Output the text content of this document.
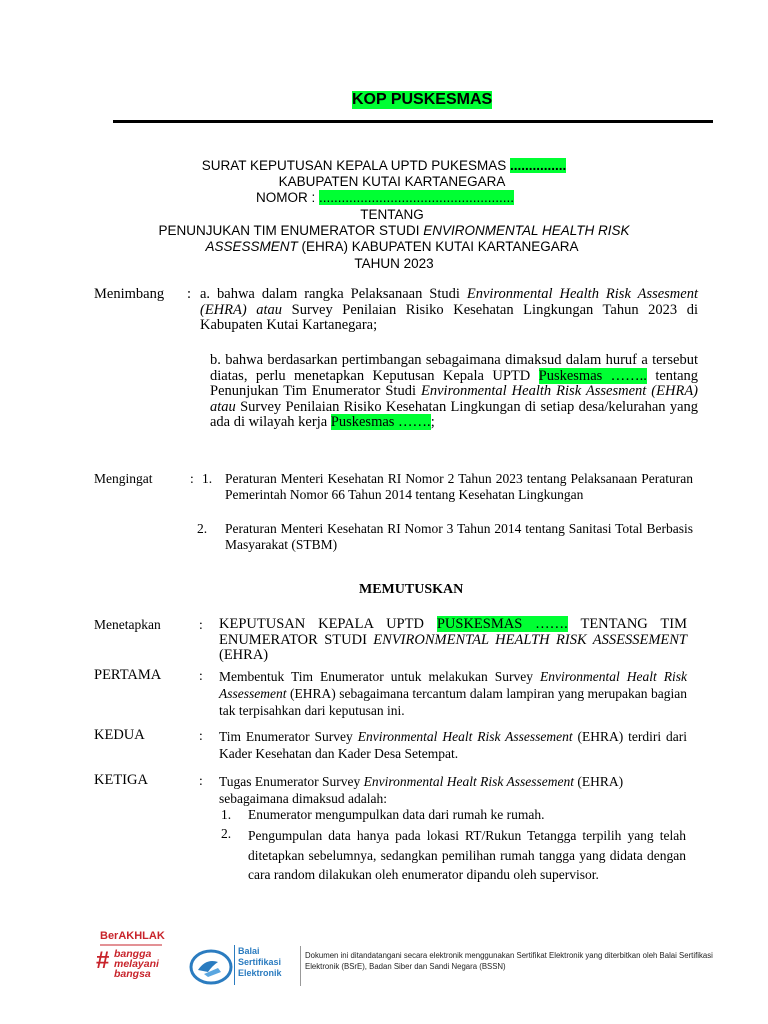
KOP PUSKESMAS
SURAT KEPUTUSAN KEPALA UPTD PUKESMAS ...............
KABUPATEN KUTAI KARTANEGARA
NOMOR : ....................................................
TENTANG
PENUNJUKAN TIM ENUMERATOR STUDI ENVIRONMENTAL HEALTH RISK
ASSESSMENT (EHRA) KABUPATEN KUTAI KARTANEGARA
TAHUN 2023
Menimbang : a. bahwa dalam rangka Pelaksanaan Studi Environmental Health Risk Assesment (EHRA) atau Survey Penilaian Risiko Kesehatan Lingkungan Tahun 2023 di Kabupaten Kutai Kartanegara;
b. bahwa berdasarkan pertimbangan sebagaimana dimaksud dalam huruf a tersebut diatas, perlu menetapkan Keputusan Kepala UPTD Puskesmas …….. tentang Penunjukan Tim Enumerator Studi Environmental Health Risk Assesment (EHRA) atau Survey Penilaian Risiko Kesehatan Lingkungan di setiap desa/kelurahan yang ada di wilayah kerja Puskesmas …….;
Mengingat	: 1. Peraturan Menteri Kesehatan RI Nomor 2 Tahun 2023 tentang Pelaksanaan Peraturan Pemerintah Nomor 66 Tahun 2014 tentang Kesehatan Lingkungan
2. Peraturan Menteri Kesehatan RI Nomor 3 Tahun 2014 tentang Sanitasi Total Berbasis Masyarakat (STBM)
MEMUTUSKAN
Menetapkan	: KEPUTUSAN KEPALA UPTD PUSKESMAS ……. TENTANG TIM ENUMERATOR STUDI ENVIRONMENTAL HEALTH RISK ASSESSEMENT (EHRA)
PERTAMA	: Membentuk Tim Enumerator untuk melakukan Survey Environmental Healt Risk Assessement (EHRA) sebagaimana tercantum dalam lampiran yang merupakan bagian tak terpisahkan dari keputusan ini.
KEDUA	: Tim Enumerator Survey Environmental Healt Risk Assessement (EHRA) terdiri dari Kader Kesehatan dan Kader Desa Setempat.
KETIGA	: Tugas Enumerator Survey Environmental Healt Risk Assessement (EHRA) sebagaimana dimaksud adalah:
1. Enumerator mengumpulkan data dari rumah ke rumah.
2. Pengumpulan data hanya pada lokasi RT/Rukun Tetangga terpilih yang telah ditetapkan sebelumnya, sedangkan pemilihan rumah tangga yang didata dengan cara random dilakukan oleh enumerator dipandu oleh supervisor.
BerAKHLAK
# bangga
melayani
bangsa
Balai
Sertifikasi
Elektronik
Dokumen ini ditandatangani secara elektronik menggunakan Sertifikat Elektronik yang diterbitkan oleh Balai Sertifikasi Elektronik (BSrE), Badan Siber dan Sandi Negara (BSSN)
